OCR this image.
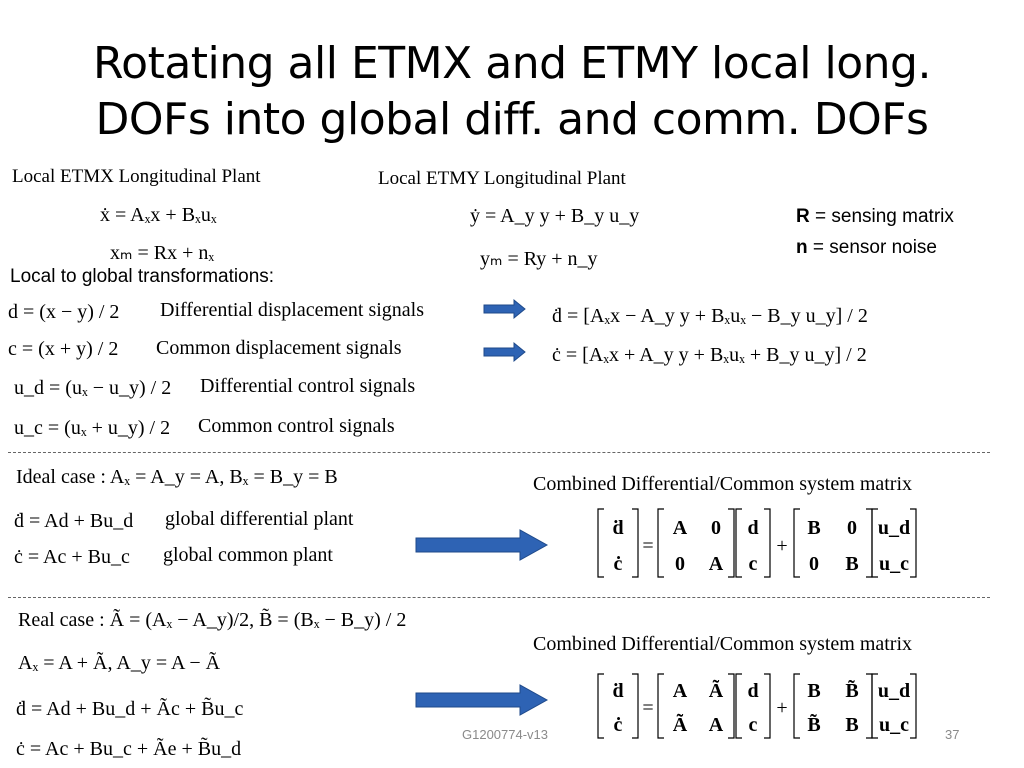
Rotating all ETMX and ETMY local long.
DOFs into global diff. and comm. DOFs
Local ETMX Longitudinal Plant
ẋ = Aₓx + Bₓuₓ
xₘ = Rx + nₓ
Local ETMY Longitudinal Plant
ẏ = A_y y + B_y u_y
yₘ = Ry + n_y
R = sensing matrix
n = sensor noise
Local to global transformations:
d = (x − y) / 2 Differential displacement signals
c = (x + y) / 2 Common displacement signals
u_d = (uₓ − u_y) / 2 Differential control signals
u_c = (uₓ + u_y) / 2 Common control signals
ḋ = [Aₓx − A_y y + Bₓuₓ − B_y u_y] / 2
ċ = [Aₓx + A_y y + Bₓuₓ + B_y u_y] / 2
Ideal case : Aₓ = A_y = A, Bₓ = B_y = B
ḋ = Ad + Bu_d global differential plant
ċ = Ac + Bu_c global common plant
Combined Differential/Common system matrix
ḋ
ċ
=
A 0
0 A
d
c
+
B 0
0 B
u_d
u_c
Real case : Ã = (Aₓ − A_y)/2, B̃ = (Bₓ − B_y) / 2
Aₓ = A + Ã, A_y = A − Ã
ḋ = Ad + Bu_d + Ãc + B̃u_c
ċ = Ac + Bu_c + Ãe + B̃u_d
Combined Differential/Common system matrix
ḋ
ċ
=
A Ã
Ã A
d
c
+
B B̃
B̃ B
u_d
u_c
G1200774-v13	37
